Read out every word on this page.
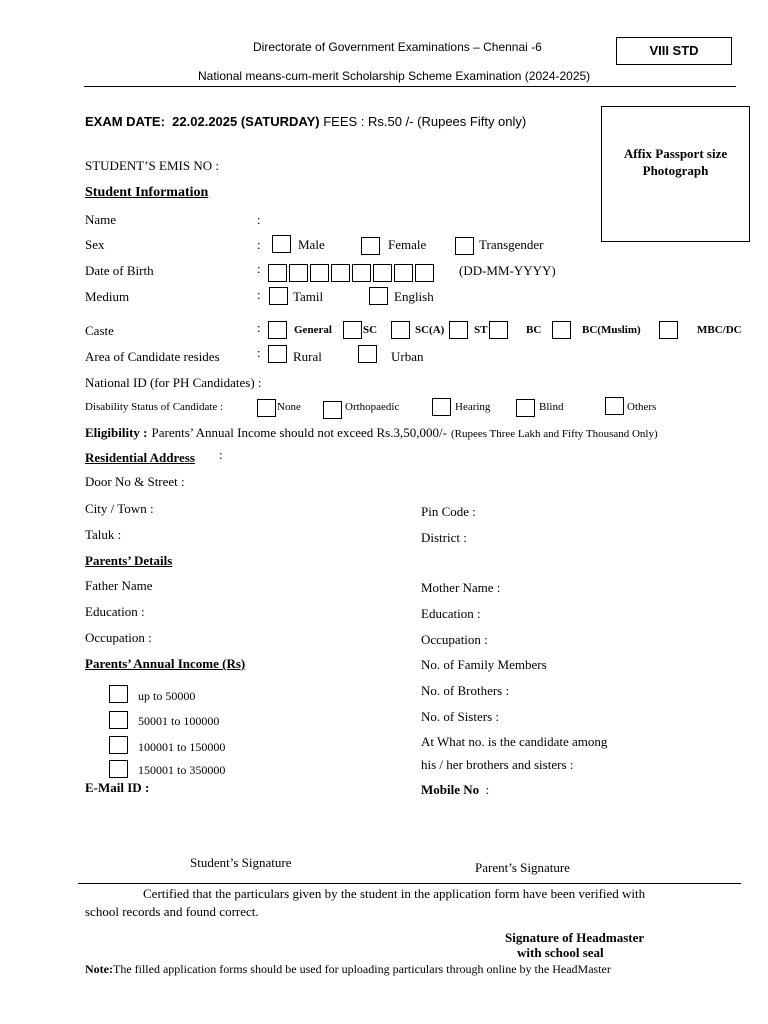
Directorate of Government Examinations – Chennai -6	VIII STD
National means-cum-merit Scholarship Scheme Examination (2024-2025)
EXAM DATE: 22.02.2025 (SATURDAY) FEES : Rs.50 /- (Rupees Fifty only)
Affix Passport size
Photograph
STUDENT’S EMIS NO :
Student Information
Name	:
Sex	:	Male	Female	Transgender
Date of Birth	:	(DD-MM-YYYY)
Medium	: Tamil	English
Caste	:	General	SC	SC(A)	ST	BC	BC(Muslim)	MBC/DC
Area of Candidate resides	: Rural	Urban
National ID (for PH Candidates) :
Disability Status of Candidate :	None	Orthopaedic	Hearing	Blind	Others
Eligibility : Parents’ Annual Income should not exceed Rs.3,50,000/- (Rupees Three Lakh and Fifty Thousand Only)
Residential Address :
Door No & Street :
City / Town :	Pin Code :
Taluk :	District :
Parents’ Details
Father Name	Mother Name :
Education :	Education :
Occupation :	Occupation :
Parents’ Annual Income (Rs)
up to 50000
50001 to 100000
100001 to 150000
150001 to 350000
No. of Family Members
No. of Brothers :
No. of Sisters :
At What no. is the candidate among
his / her brothers and sisters :
E-Mail ID :	Mobile No :
Student’s Signature	Parent’s Signature
Certified that the particulars given by the student in the application form have been verified with
school records and found correct.
Signature of Headmaster
with school seal
Note:The filled application forms should be used for uploading particulars through online by the HeadMaster
